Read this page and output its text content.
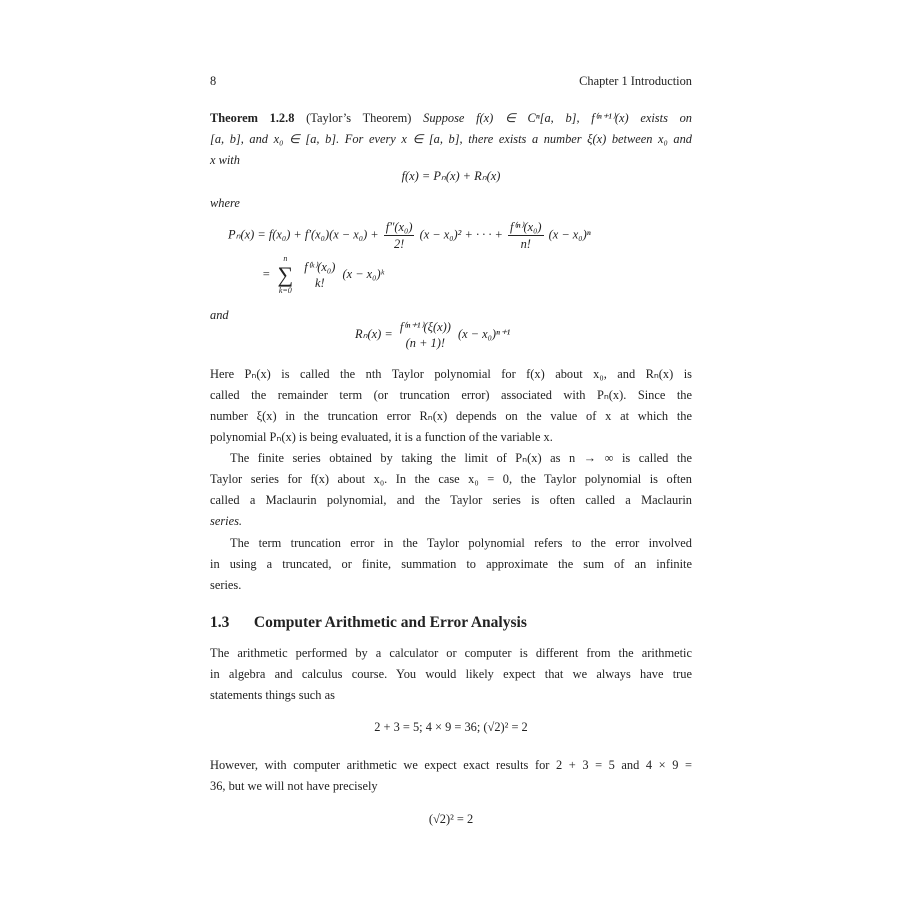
8	Chapter 1 Introduction
Theorem 1.2.8 (Taylor’s Theorem) Suppose f(x) ∈ Cⁿ[a, b], f⁽ⁿ⁺¹⁾(x) exists on
[a, b], and x₀ ∈ [a, b]. For every x ∈ [a, b], there exists a number ξ(x) between x₀ and
x with
f(x) = Pₙ(x) + Rₙ(x)
where
$P_n(x) = f(x_0) + f'(x_0)(x - x_0) + \frac{\text{f″(x₀)}}{2!} (x - x_0)^2$ + · · · + $\frac{\text{f⁽ⁿ⁾(x₀)}}{n!} (x - x_0)^n$
=
n
∑
k=0

f⁽ᵏ⁾(x₀)
k!
(x − x₀)ᵏ
and
Rₙ(x) = f⁽ⁿ⁺¹⁾(ξ(x))
(n + 1)!
(x − x₀)ⁿ⁺¹
Here Pₙ(x) is called the nth Taylor polynomial for f(x) about x₀, and Rₙ(x) is
called the remainder term (or truncation error) associated with Pₙ(x). Since the
number ξ(x) in the truncation error Rₙ(x) depends on the value of x at which the
polynomial Pₙ(x) is being evaluated, it is a function of the variable x.
The finite series obtained by taking the limit of Pₙ(x) as n → ∞ is called the
Taylor series for f(x) about x₀. In the case x₀ = 0, the Taylor polynomial is often
called a Maclaurin polynomial, and the Taylor series is often called a Maclaurin
series.
The term truncation error in the Taylor polynomial refers to the error involved
in using a truncated, or finite, summation to approximate the sum of an infinite
series.
1.3 Computer Arithmetic and Error Analysis
The arithmetic performed by a calculator or computer is different from the arithmetic
in algebra and calculus course. You would likely expect that we always have true
statements things such as
2 + 3 = 5; 4 × 9 = 36; (√2)² = 2
However, with computer arithmetic we expect exact results for 2 + 3 = 5 and 4 × 9 =
36, but we will not have precisely
(√2)² = 2
